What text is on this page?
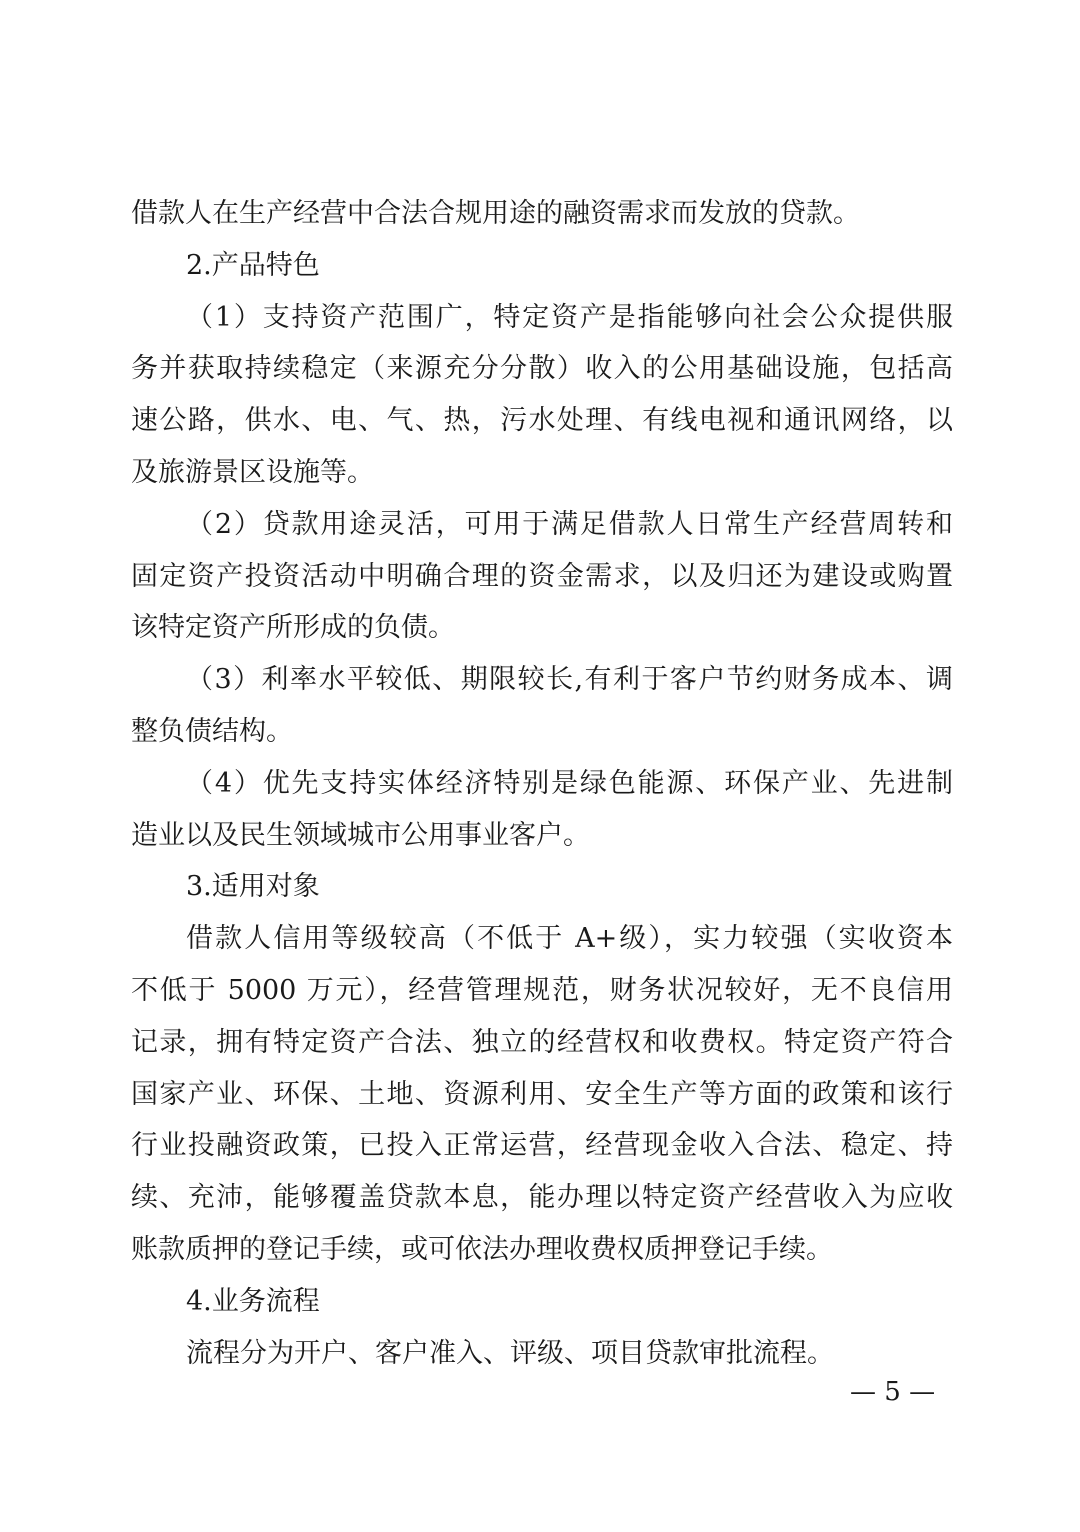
借款人在生产经营中合法合规用途的融资需求而发放的贷款。
2.产品特色
（1）支持资产范围广，特定资产是指能够向社会公众提供服
务并获取持续稳定（来源充分分散）收入的公用基础设施，包括高
速公路，供水、电、气、热，污水处理、有线电视和通讯网络，以
及旅游景区设施等。
（2）贷款用途灵活，可用于满足借款人日常生产经营周转和
固定资产投资活动中明确合理的资金需求，以及归还为建设或购置
该特定资产所形成的负债。
（3）利率水平较低、期限较长,有利于客户节约财务成本、调
整负债结构。
（4）优先支持实体经济特别是绿色能源、环保产业、先进制
造业以及民生领域城市公用事业客户。
3.适用对象
借款人信用等级较高（不低于 A+级），实力较强（实收资本
不低于 5000 万元），经营管理规范，财务状况较好，无不良信用
记录，拥有特定资产合法、独立的经营权和收费权。特定资产符合
国家产业、环保、土地、资源利用、安全生产等方面的政策和该行
行业投融资政策，已投入正常运营，经营现金收入合法、稳定、持
续、充沛，能够覆盖贷款本息，能办理以特定资产经营收入为应收
账款质押的登记手续，或可依法办理收费权质押登记手续。
4.业务流程
流程分为开户、客户准入、评级、项目贷款审批流程。
— 5 —
